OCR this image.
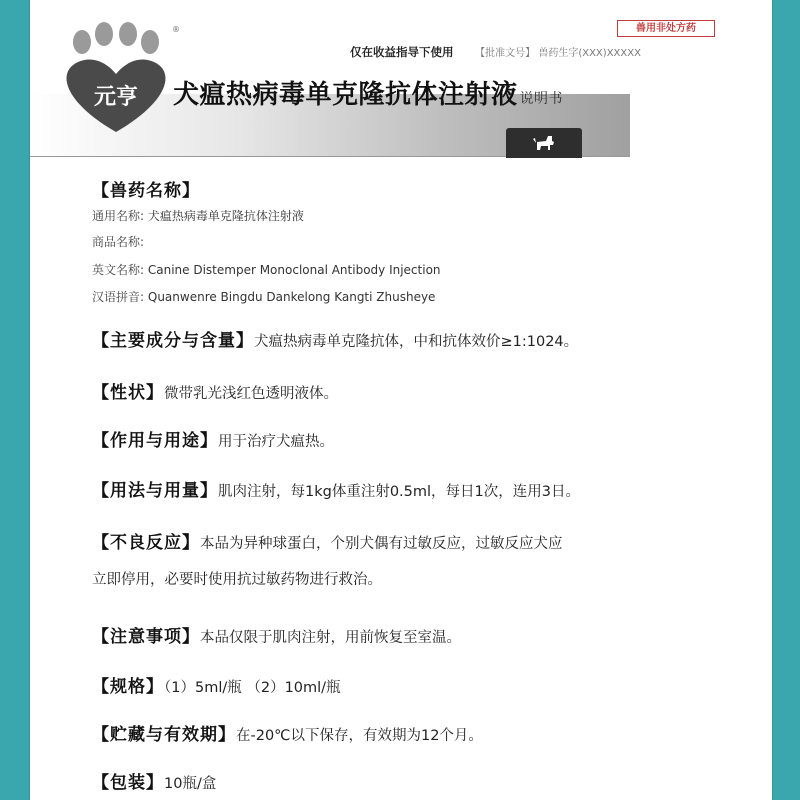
兽用非处方药
仅在收益指导下使用 【批准文号】 兽药生字(XXX)XXXXX
元亨
®
犬瘟热病毒单克隆抗体注射液 说明书
【兽药名称】
通用名称: 犬瘟热病毒单克隆抗体注射液
商品名称:
英文名称: Canine Distemper Monoclonal Antibody Injection
汉语拼音: Quanwenre Bingdu Dankelong Kangti Zhusheye
【主要成分与含量】犬瘟热病毒单克隆抗体，中和抗体效价≥1:1024。
【性状】微带乳光浅红色透明液体。
【作用与用途】用于治疗犬瘟热。
【用法与用量】肌肉注射，每1kg体重注射0.5ml，每日1次，连用3日。
【不良反应】本品为异种球蛋白，个别犬偶有过敏反应，过敏反应犬应
立即停用，必要时使用抗过敏药物进行救治。
【注意事项】本品仅限于肌肉注射，用前恢复至室温。
【规格】（1）5ml/瓶 （2）10ml/瓶
【贮藏与有效期】在-20℃以下保存，有效期为12个月。
【包装】10瓶/盒
